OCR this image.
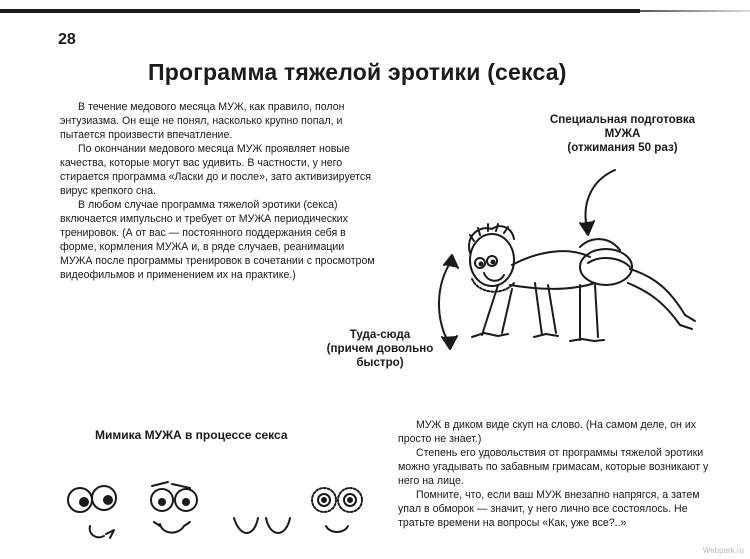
28
Программа тяжелой эротики (секса)

В течение медового месяца МУЖ, как правило, полон энтузиазма. Он еще не понял, насколько крупно попал, и пытается произвести впечатление.

По окончании медового месяца МУЖ проявляет новые качества, которые могут вас удивить. В частности, у него стирается программа «Ласки до и после», зато активизируется вирус крепкого сна.

В любом случае программа тяжелой эротики (секса) включается импульсно и требует от МУЖА периодических тренировок. (А от вас — постоянного поддержания себя в форме, кормления МУЖА и, в ряде случаев, реанимации МУЖА после программы тренировок в сочетании с просмотром видеофильмов и применением их на практике.)

Специальная подготовка
МУЖА
(отжимания 50 раз)
Туда-сюда
(причем довольно
быстро)
Мимика МУЖА в процессе секса

МУЖ в диком виде скуп на слово. (На самом деле, он их просто не знает.)

Степень его удовольствия от программы тяжелой эротики можно угадывать по забавным гримасам, которые возникают у него на лице.

Помните, что, если ваш МУЖ внезапно напрягся, а затем упал в обморок — значит, у него лично все состоялось. Не тратьте времени на вопросы «Как, уже все?..»

Webpark.ru
